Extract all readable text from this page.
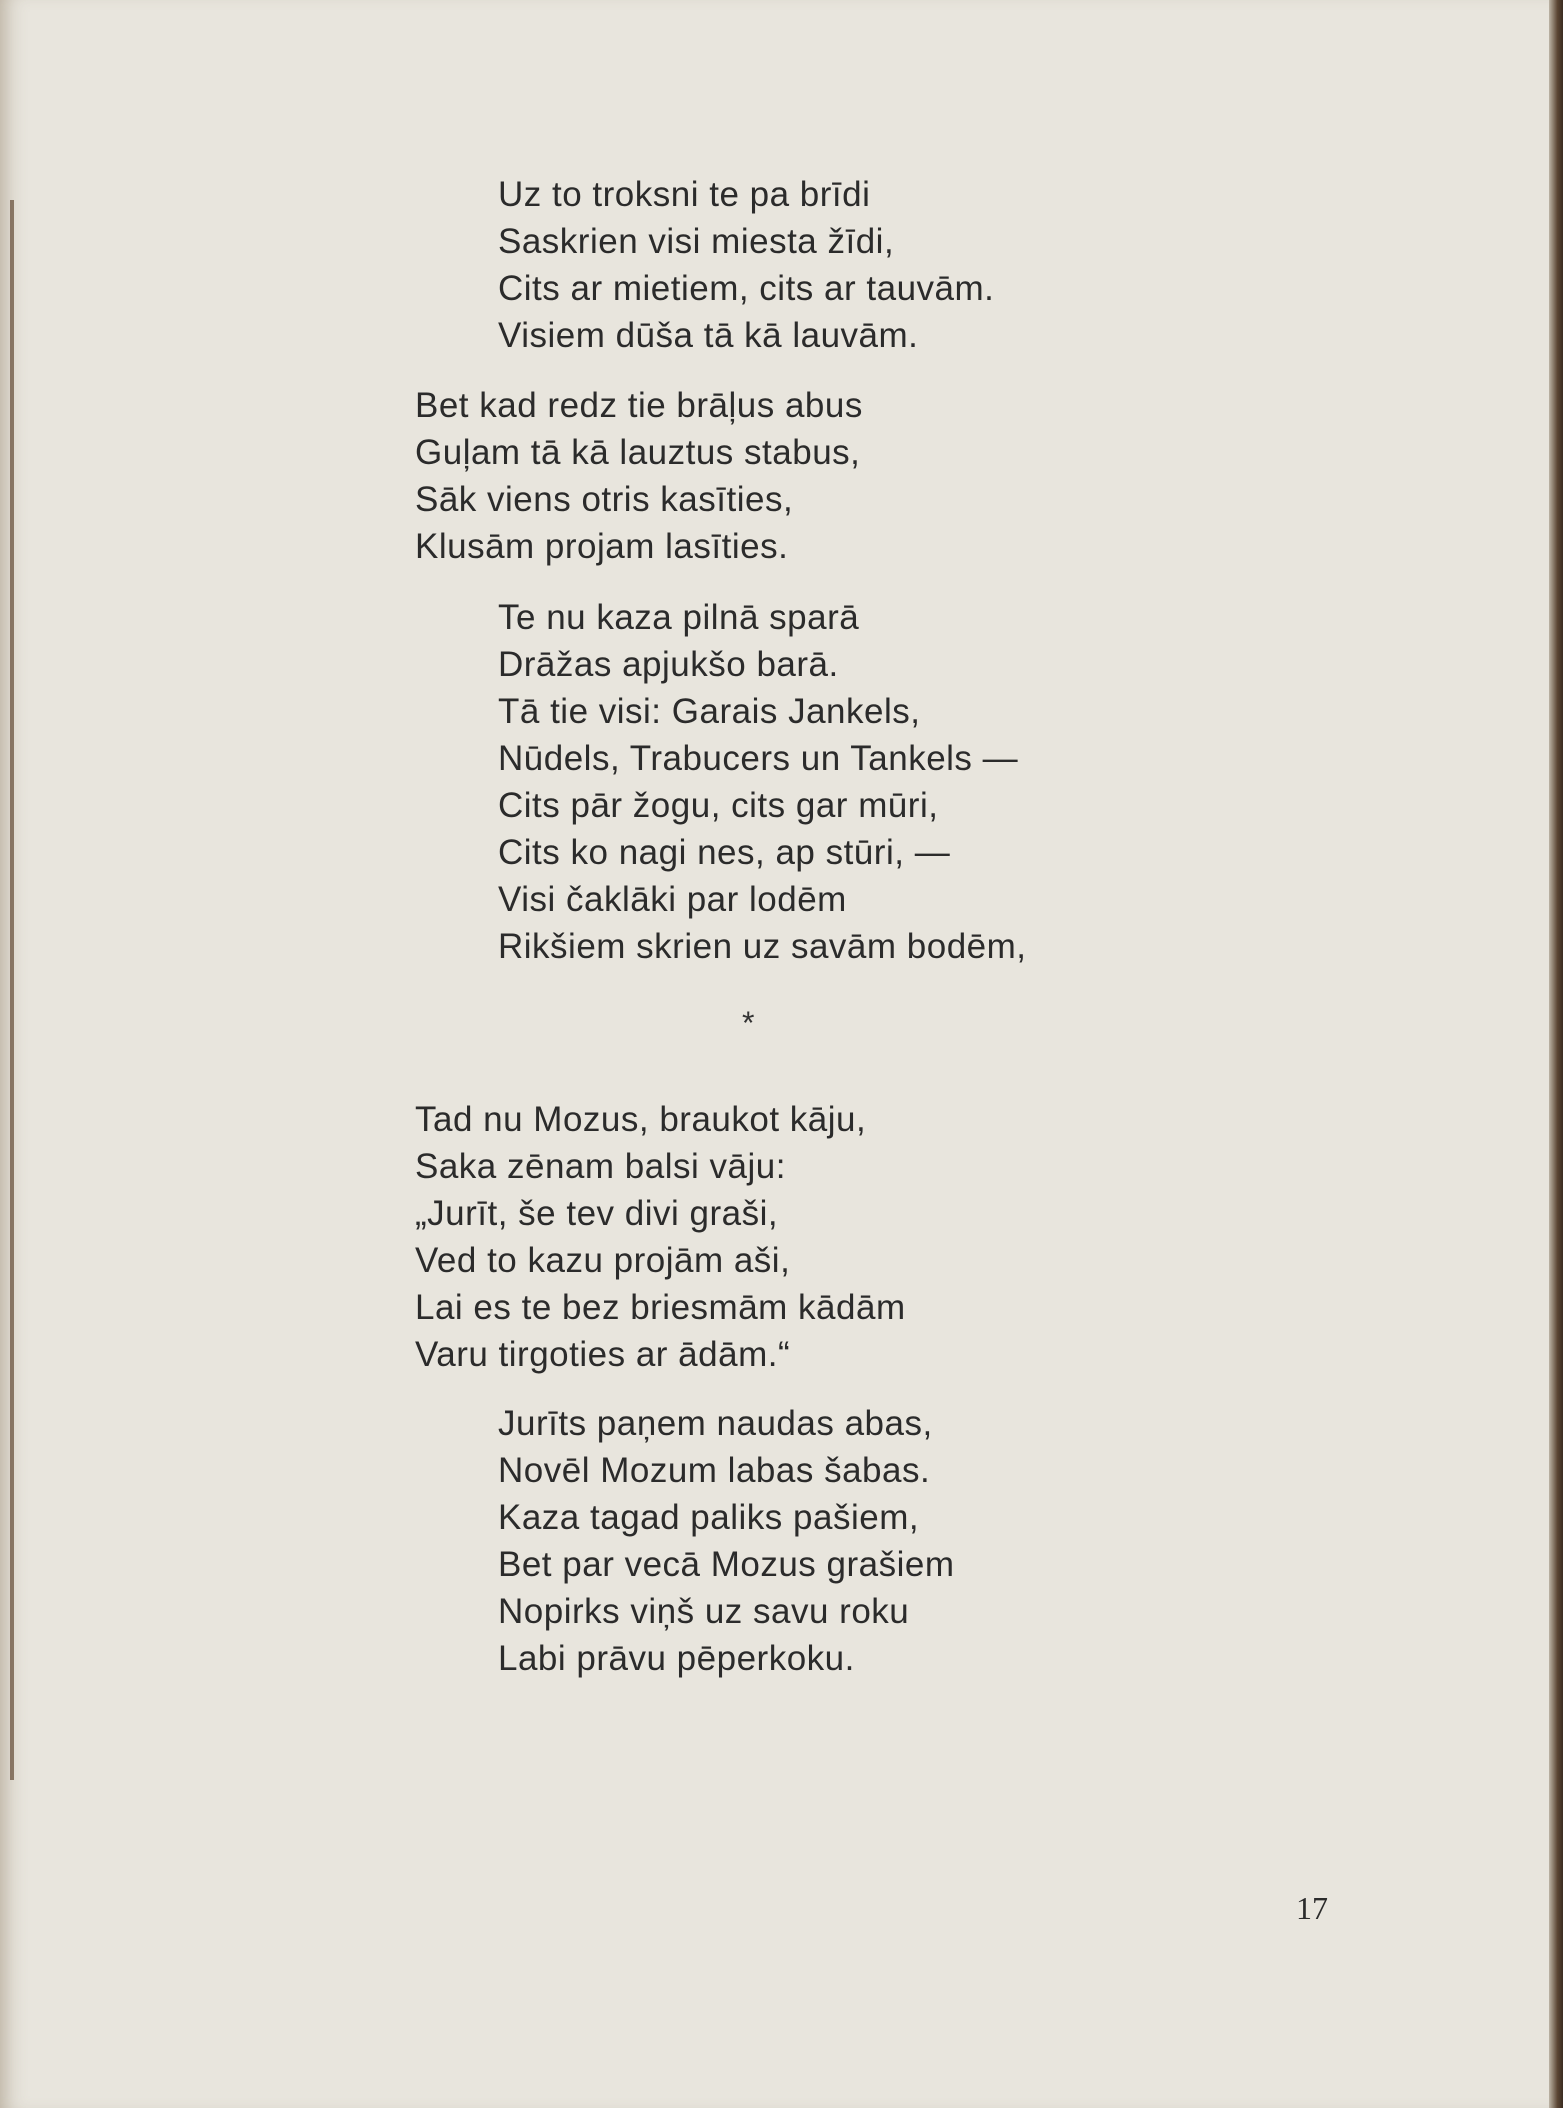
Uz to troksni te pa brīdi
Saskrien visi miesta žīdi,
Cits ar mietiem, cits ar tauvām.
Visiem dūša tā kā lauvām.
Bet kad redz tie brāļus abus
Guļam tā kā lauztus stabus,
Sāk viens otris kasīties,
Klusām projam lasīties.
Te nu kaza pilnā sparā
Drāžas apjukšo barā.
Tā tie visi: Garais Jankels,
Nūdels, Trabucers un Tankels —
Cits pār žogu, cits gar mūri,
Cits ko nagi nes, ap stūri, —
Visi čaklāki par lodēm
Rikšiem skrien uz savām bodēm,
*
Tad nu Mozus, braukot kāju,
Saka zēnam balsi vāju:
„Jurīt, še tev divi graši,
Ved to kazu projām aši,
Lai es te bez briesmām kādām
Varu tirgoties ar ādām.“
Jurīts paņem naudas abas,
Novēl Mozum labas šabas.
Kaza tagad paliks pašiem,
Bet par vecā Mozus grašiem
Nopirks viņš uz savu roku
Labi prāvu pēperkoku.
17
